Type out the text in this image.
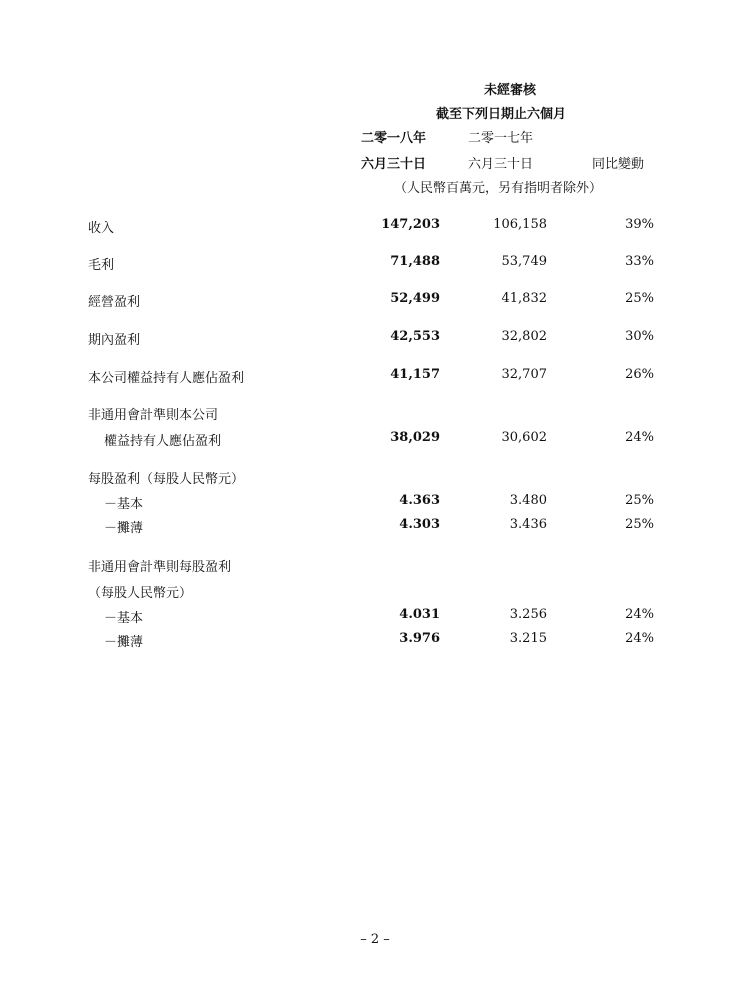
未經審核
截至下列日期止六個月
二零一八年	二零一七年
六月三十日	六月三十日	同比變動
（人民幣百萬元，另有指明者除外）
收入	147,203	106,158	39%
毛利	71,488	53,749	33%
經營盈利	52,499	41,832	25%
期內盈利	42,553	32,802	30%
本公司權益持有人應佔盈利	41,157	32,707	26%
非通用會計準則本公司
權益持有人應佔盈利	38,029	30,602	24%
每股盈利（每股人民幣元）
－基本	4.363	3.480	25%
－攤薄	4.303	3.436	25%
非通用會計準則每股盈利
（每股人民幣元）
－基本	4.031	3.256	24%
－攤薄	3.976	3.215	24%
– 2 –
